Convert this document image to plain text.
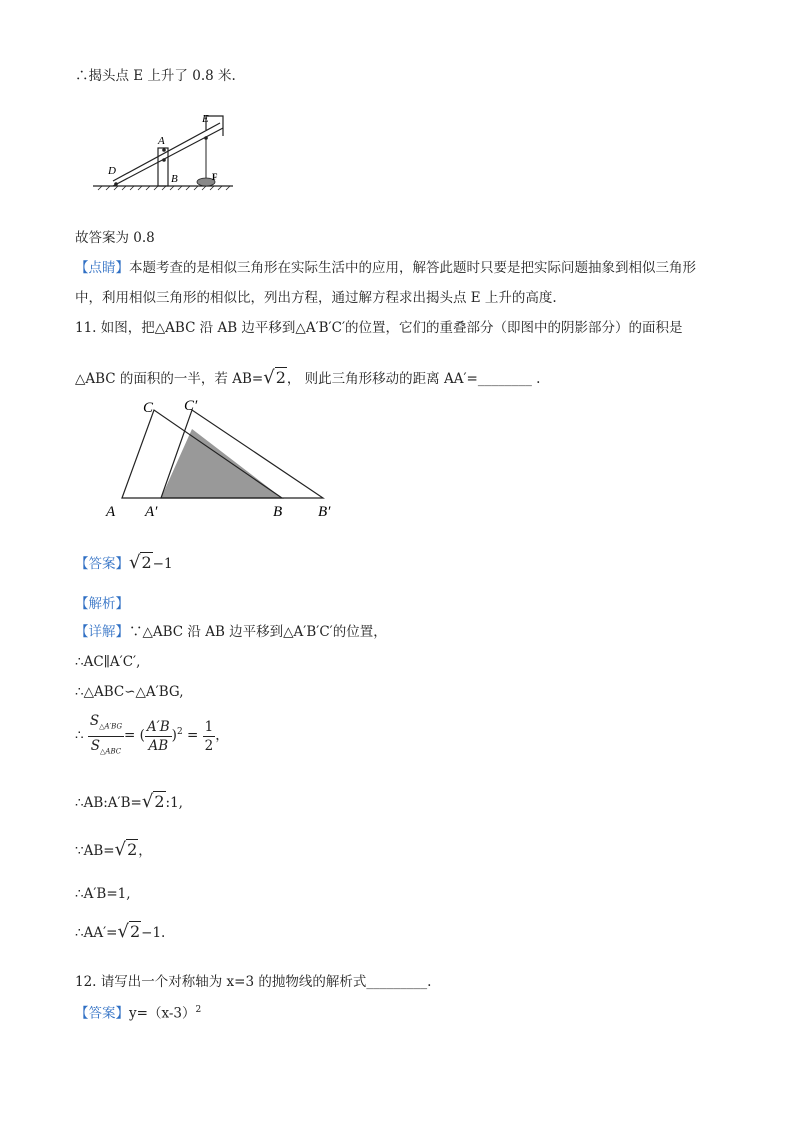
∴揭头点 E 上升了 0.8 米.
A
B
D
E
F
故答案为 0.8
【点睛】本题考查的是相似三角形在实际生活中的应用，解答此题时只要是把实际问题抽象到相似三角形
中，利用相似三角形的相似比，列出方程，通过解方程求出揭头点 E 上升的高度.
11. 如图，把△ABC 沿 AB 边平移到△A′B′C′的位置，它们的重叠部分（即图中的阴影部分）的面积是
△ABC 的面积的一半，若 AB=√2， 则此三角形移动的距离 AA′=________ .
A A′	B B′
C C′
【答案】√2−1
【解析】
【详解】∵△ABC 沿 AB 边平移到△A′B′C′的位置，
∴AC∥A′C′,
∴△ABC∽△A′BG,
∴ $\frac{S_{\triangle A'BG}}{S_{\triangle ABC}}$ = ( $\frac{A'B}{AB} )^2 = \frac{1}{2}$ ，
∴AB:A′B=√2:1,
∵AB=√2，
∴A′B=1,
∴AA′=√2−1.
12. 请写出一个对称轴为 x=3 的抛物线的解析式_________.
【答案】$y=(x-3)^2$
